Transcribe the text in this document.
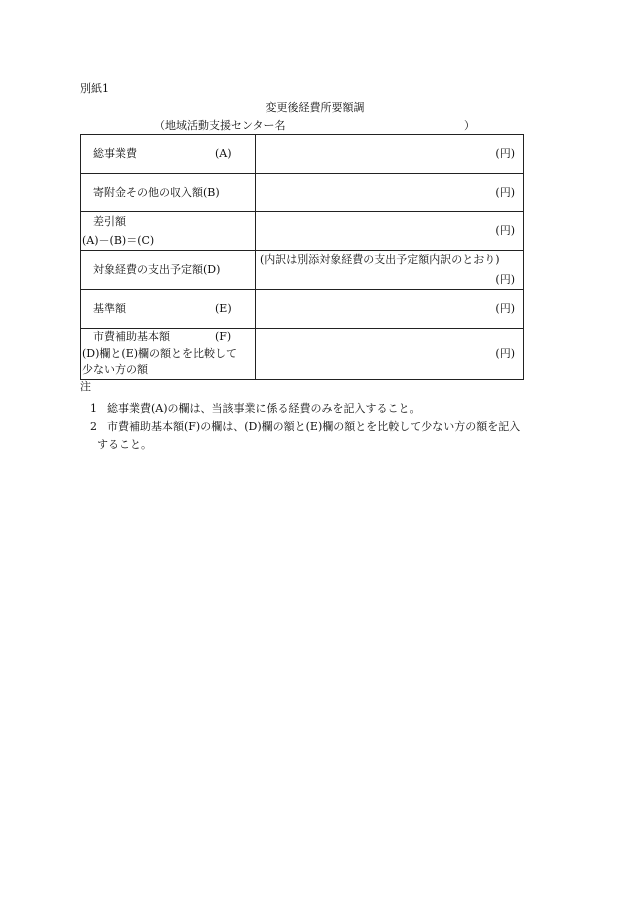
別紙1
変更後経費所要額調
（地域活動支援センター名	）
総事業費 (A)	(円)

寄附金その他の収入額(B)	(円)

差引額
(A)－(B)＝(C)	(円)

対象経費の支出予定額(D)	(内訳は別添対象経費の支出予定額内訳のとおり)
(円)

基準額 (E)	(円)

市費補助基本額 (F)
(D)欄と(E)欄の額とを比較して
少ない方の額	(円)
注
1 総事業費(A)の欄は、当該事業に係る経費のみを記入すること。
2 市費補助基本額(F)の欄は、(D)欄の額と(E)欄の額とを比較して少ない方の額を記入
すること。
